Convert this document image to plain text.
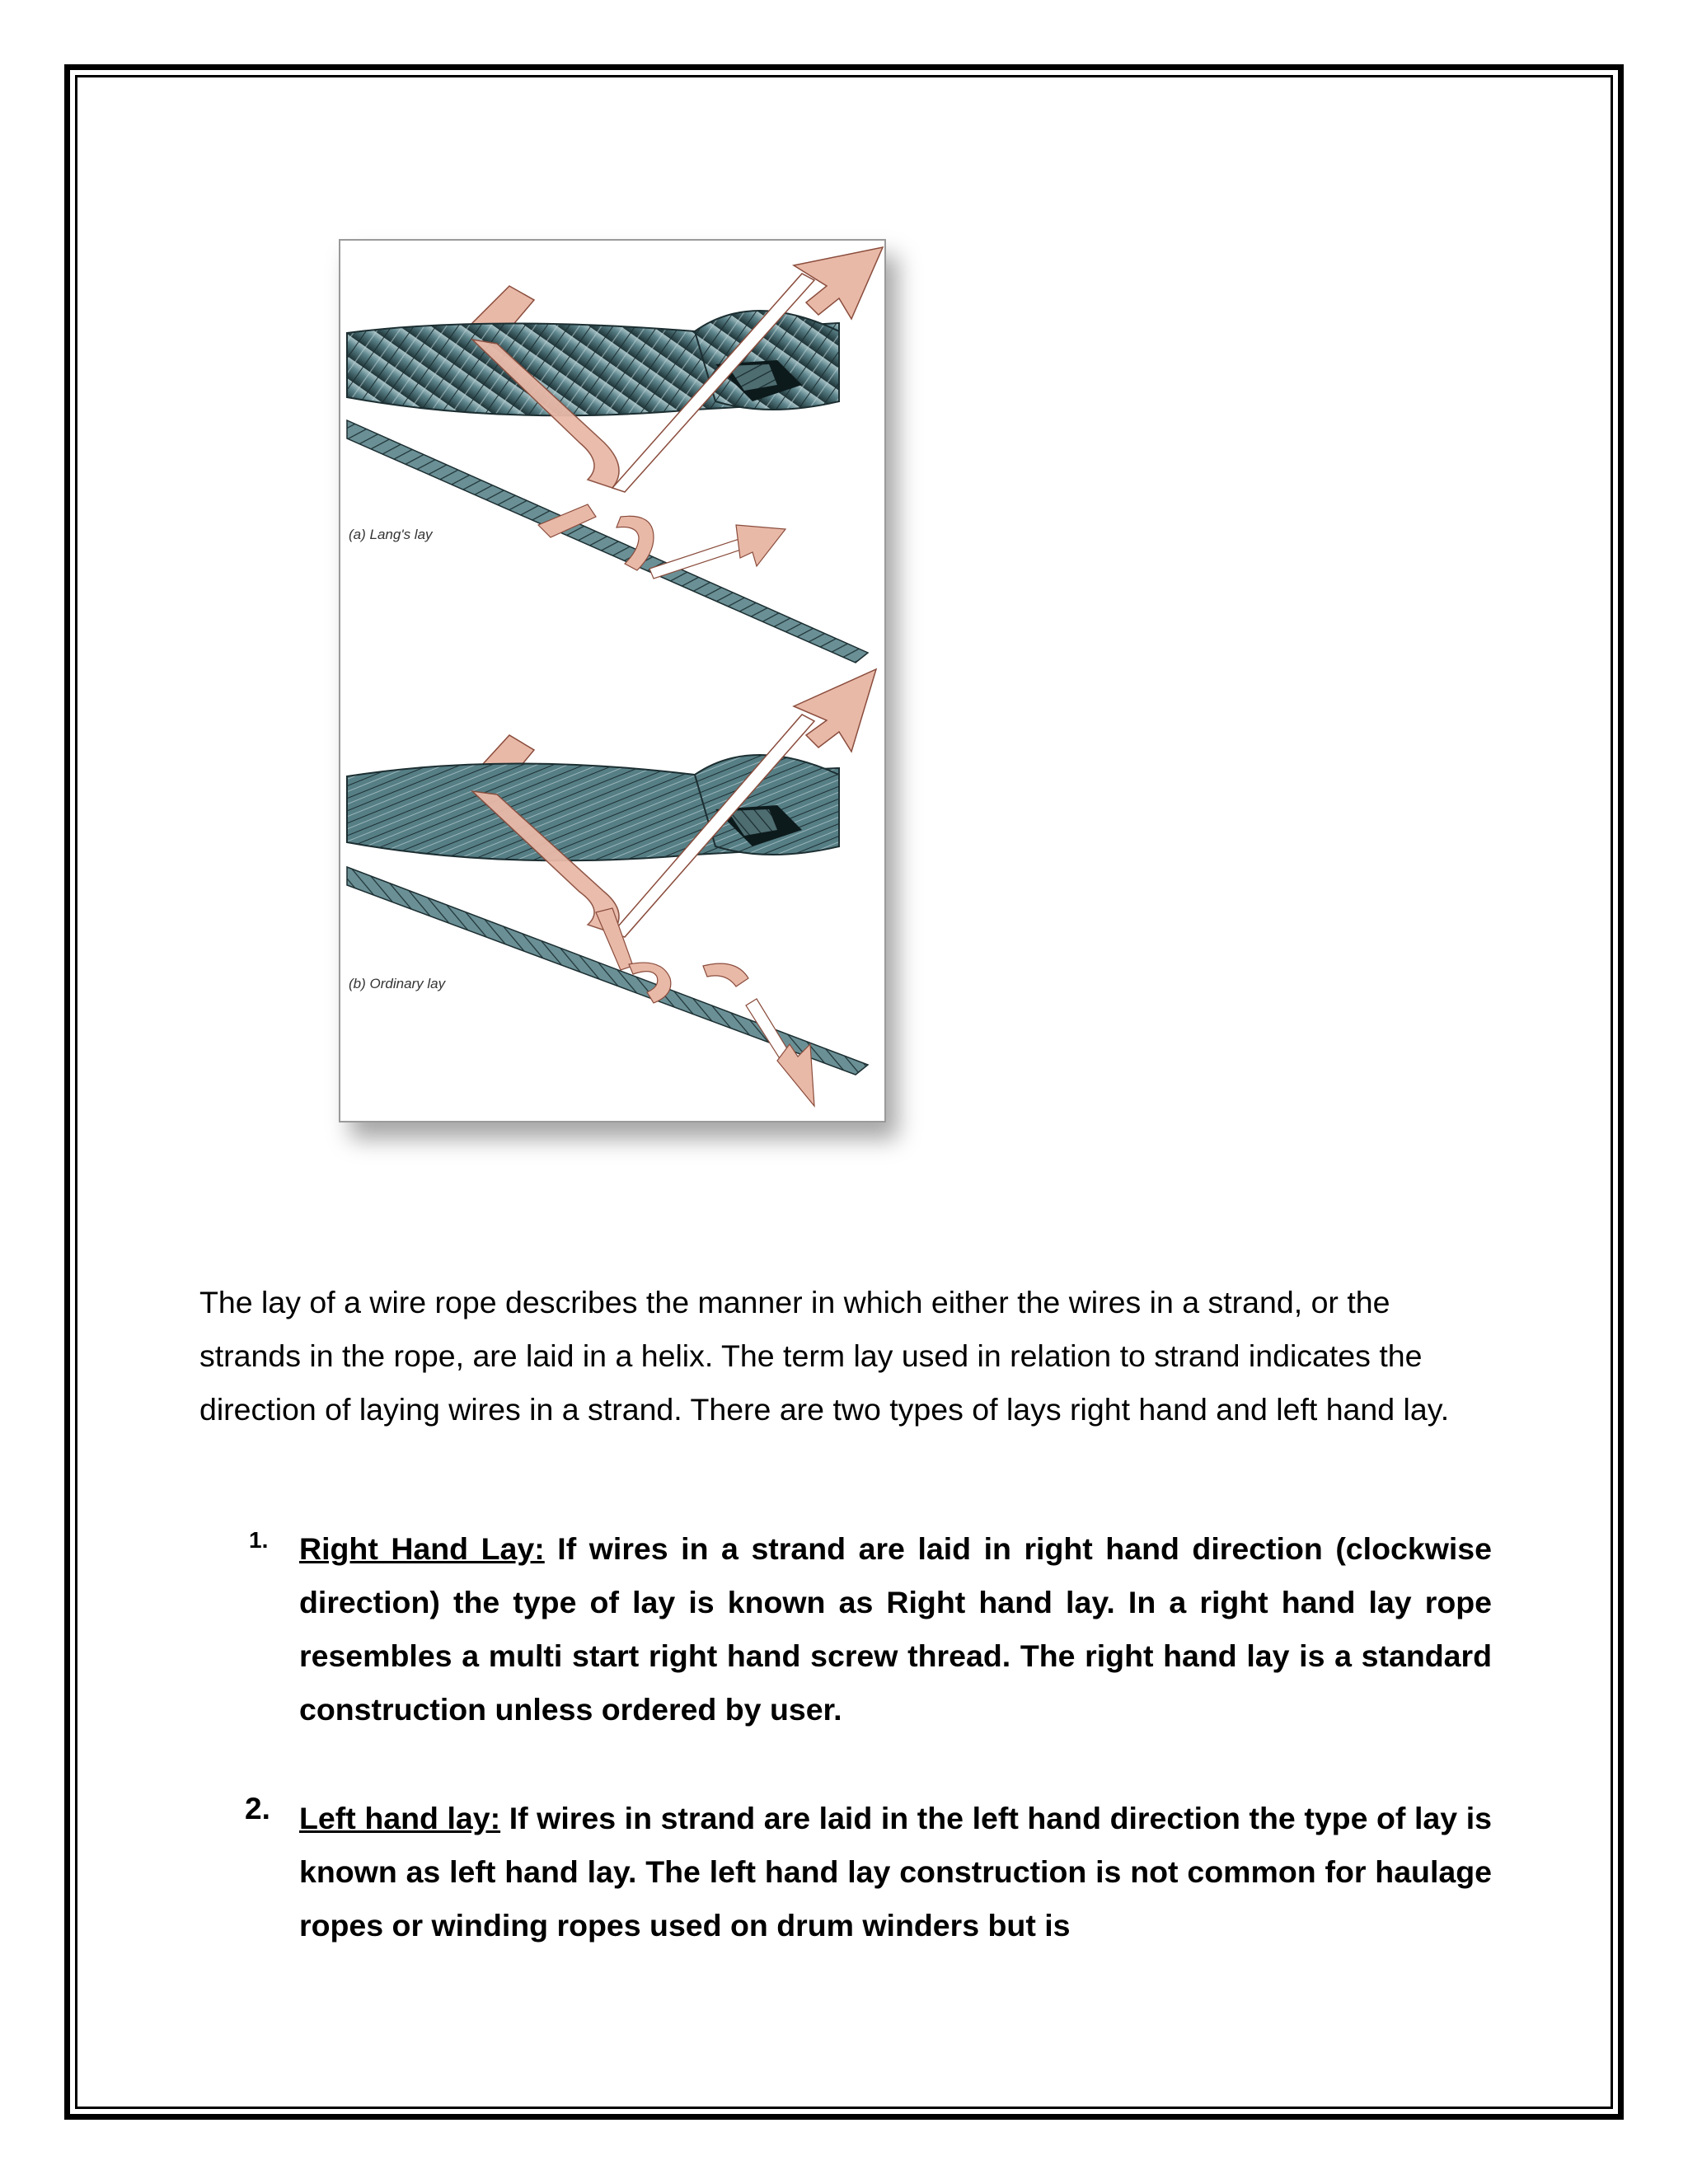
(a) Lang's lay
(b) Ordinary lay

The lay of a wire rope describes the manner in which either the wires in a strand, or the strands in the rope, are laid in a helix. The term lay used in relation to strand indicates the direction of laying wires in a strand. There are two types of lays right hand and left hand lay.

1. Right Hand Lay: If wires in a strand are laid in right hand direction (clockwise direction) the type of lay is known as Right hand lay. In a right hand lay rope resembles a multi start right hand screw thread. The right hand lay is a standard construction unless ordered by user.

2. Left hand lay: If wires in strand are laid in the left hand direction the type of lay is known as left hand lay. The left hand lay construction is not common for haulage ropes or winding ropes used on drum winders but is
